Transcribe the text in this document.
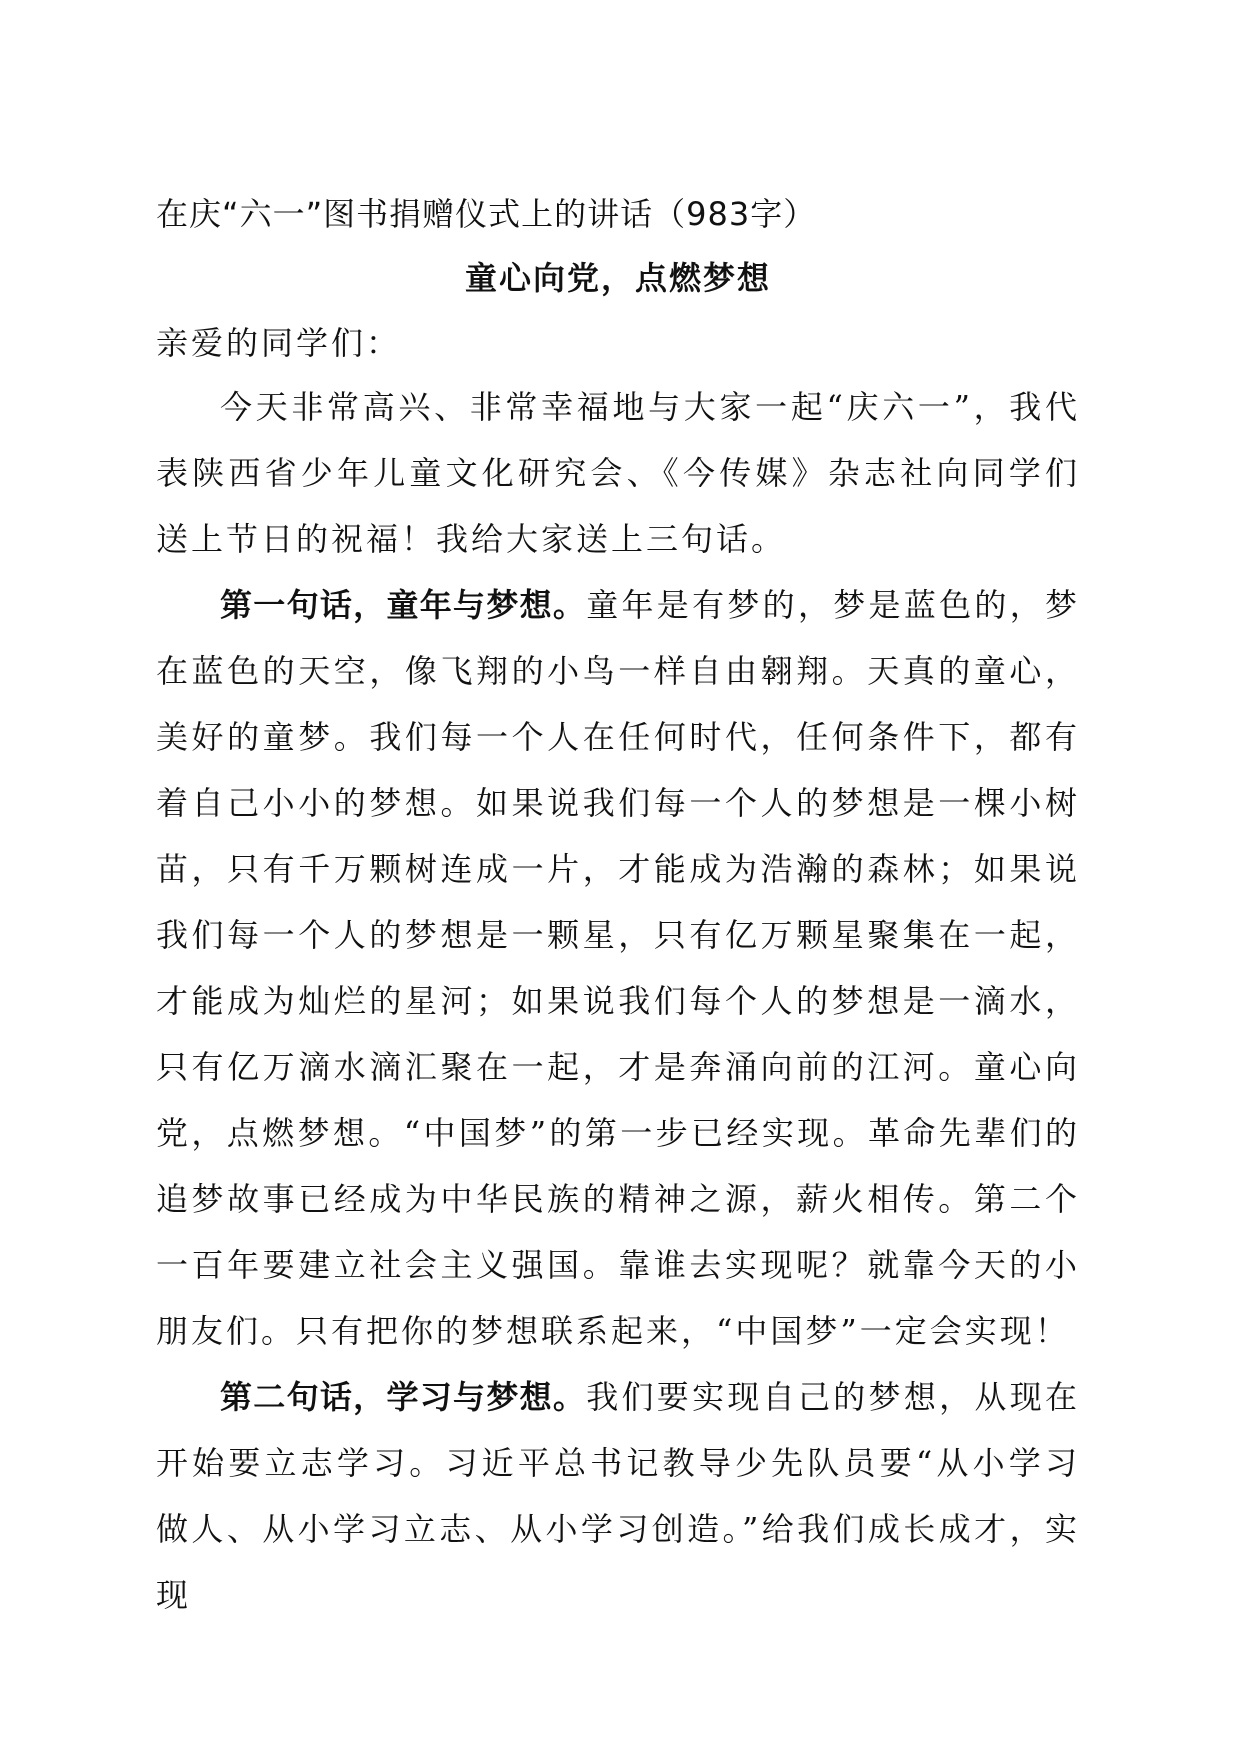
在庆“六一”图书捐赠仪式上的讲话（983字）
童心向党，点燃梦想

亲爱的同学们：

今天非常高兴、非常幸福地与大家一起“庆六一”，我代表陕西省少年儿童文化研究会、《今传媒》杂志社向同学们送上节日的祝福！我给大家送上三句话。

第一句话，童年与梦想。童年是有梦的，梦是蓝色的，梦在蓝色的天空，像飞翔的小鸟一样自由翱翔。天真的童心，美好的童梦。我们每一个人在任何时代，任何条件下，都有着自己小小的梦想。如果说我们每一个人的梦想是一棵小树苗，只有千万颗树连成一片，才能成为浩瀚的森林；如果说我们每一个人的梦想是一颗星，只有亿万颗星聚集在一起，才能成为灿烂的星河；如果说我们每个人的梦想是一滴水，只有亿万滴水滴汇聚在一起，才是奔涌向前的江河。童心向党，点燃梦想。“中国梦”的第一步已经实现。革命先辈们的追梦故事已经成为中华民族的精神之源，薪火相传。第二个一百年要建立社会主义强国。靠谁去实现呢？就靠今天的小朋友们。只有把你的梦想联系起来，“中国梦”一定会实现！

第二句话，学习与梦想。我们要实现自己的梦想，从现在开始要立志学习。习近平总书记教导少先队员要“从小学习做人、从小学习立志、从小学习创造。”给我们成长成才，实现
